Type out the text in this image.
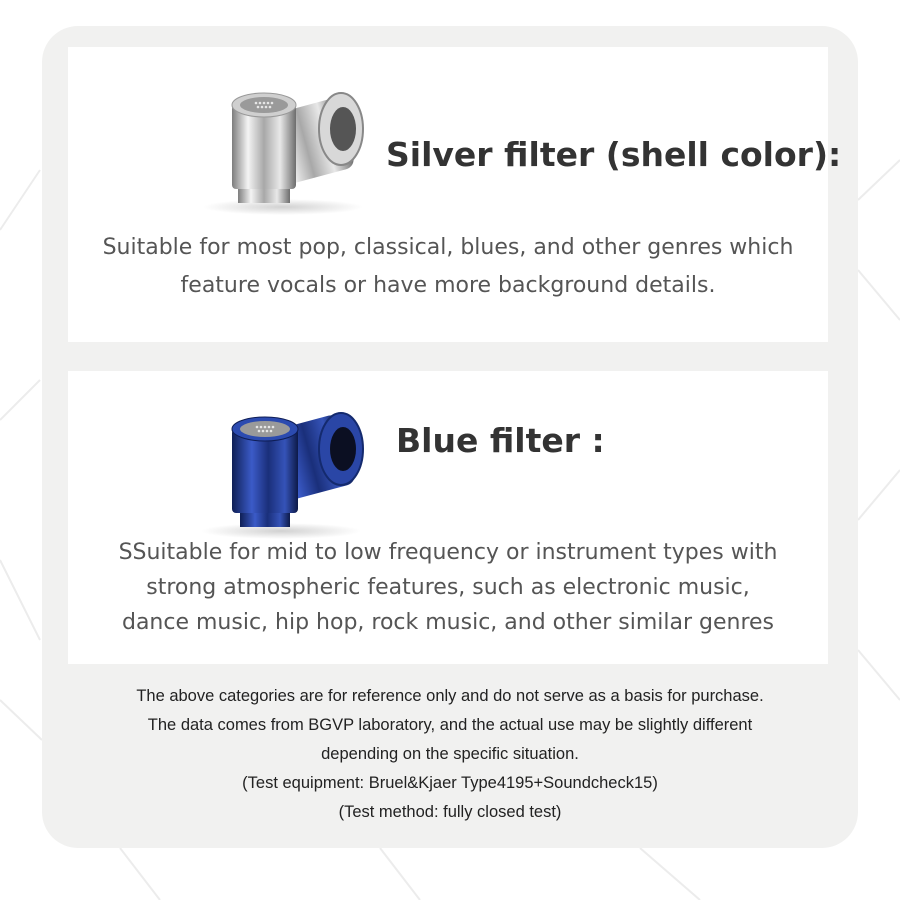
Silver filter (shell color):

Suitable for most pop, classical, blues, and other genres which
feature vocals or have more background details.

Blue filter :

SSuitable for mid to low frequency or instrument types with
strong atmospheric features, such as electronic music,
dance music, hip hop, rock music, and other similar genres

The above categories are for reference only and do not serve as a basis for purchase.

The data comes from BGVP laboratory, and the actual use may be slightly different

depending on the specific situation.

(Test equipment: Bruel&Kjaer Type4195+Soundcheck15)

(Test method: fully closed test)
